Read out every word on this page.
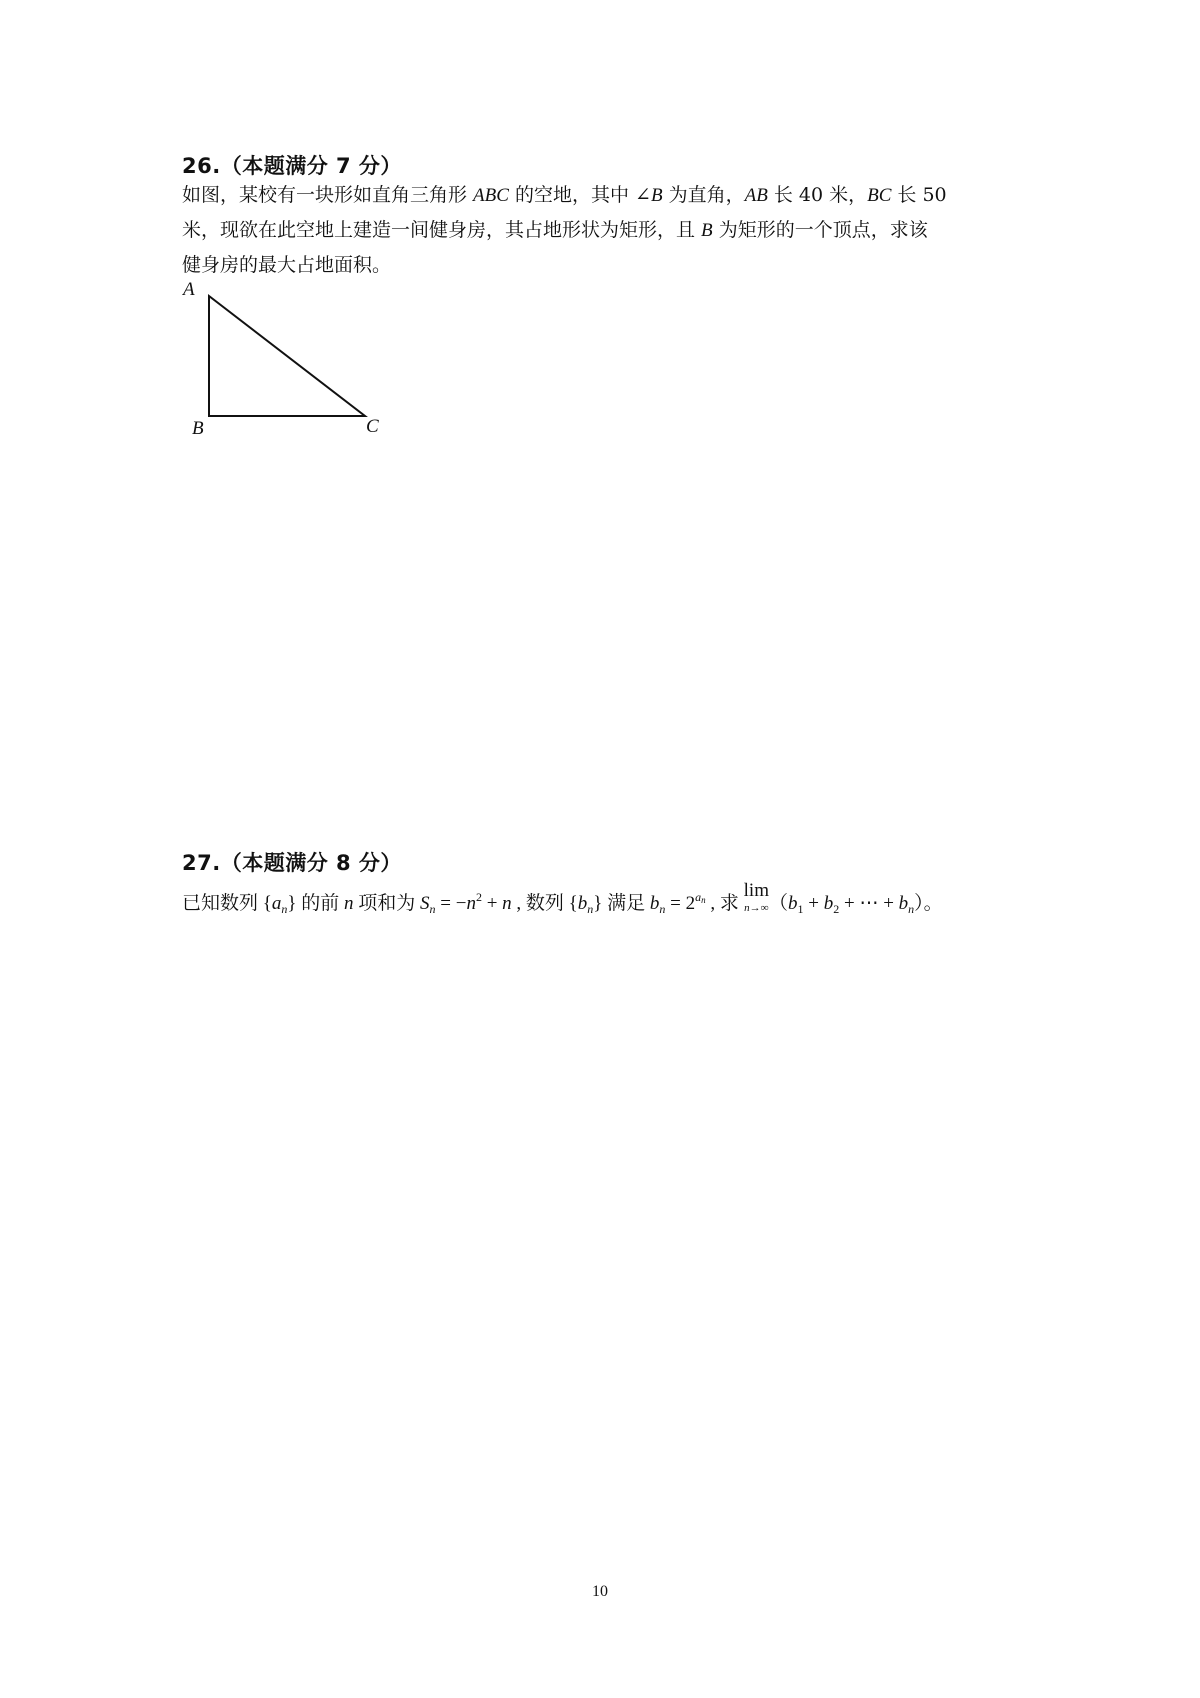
26.（本题满分 7 分）
如图，某校有一块形如直角三角形 ABC 的空地，其中 ∠B 为直角，AB 长 40 米，BC 长 50
米，现欲在此空地上建造一间健身房，其占地形状为矩形，且 B 为矩形的一个顶点，求该
健身房的最大占地面积。
A
B	C
27.（本题满分 8 分）
已知数列 $\{a_n\}$ 的前 n 项和为 $S_n = -n^2 + n$ , 数列 $\{b_n\}$ 满足 $b_n = 2^{a_n}$ , 求 lim
n→∞ （$b_1 + b_2$ + ⋯ + $b_n$）。
10
